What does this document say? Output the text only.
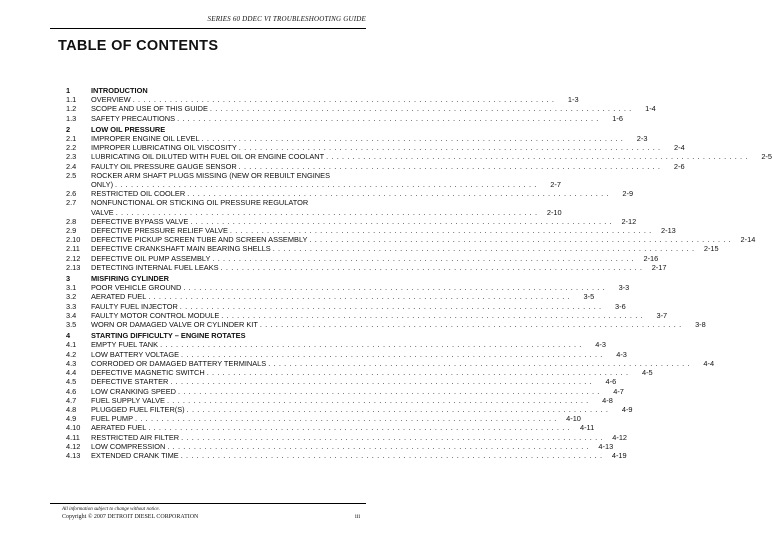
SERIES 60 DDEC VI TROUBLESHOOTING GUIDE
TABLE OF CONTENTS
1	INTRODUCTION
1.1	OVERVIEW . . . . . . . . . . . . . . . . . . . . . . . . . . . . . . . . . . . . . . . . . . . . . . . . . . . . . . . . . . . . . . . . . . . . . . . . . . . . . . . .	1-3
1.2	SCOPE AND USE OF THIS GUIDE . . . . . . . . . . . . . . . . . . . . . . . . . . . . . . . . . . . . . . . . . . . . . . . . . . . . . . . . . . . . . . . . . . . . . . . . . . . . . . . .	1-4
1.3	SAFETY PRECAUTIONS . . . . . . . . . . . . . . . . . . . . . . . . . . . . . . . . . . . . . . . . . . . . . . . . . . . . . . . . . . . . . . . . . . . . . . . . . . . . . . . .	1-6
2	LOW OIL PRESSURE
2.1	IMPROPER ENGINE OIL LEVEL . . . . . . . . . . . . . . . . . . . . . . . . . . . . . . . . . . . . . . . . . . . . . . . . . . . . . . . . . . . . . . . . . . . . . . . . . . . . . . . .	2-3
2.2	IMPROPER LUBRICATING OIL VISCOSITY . . . . . . . . . . . . . . . . . . . . . . . . . . . . . . . . . . . . . . . . . . . . . . . . . . . . . . . . . . . . . . . . . . . . . . . . . . . . . . . .	2-4
2.3	LUBRICATING OIL DILUTED WITH FUEL OIL OR ENGINE COOLANT . . . . . . . . . . . . . . . . . . . . . . . . . . . . . . . . . . . . . . . . . . . . . . . . . . . . . . . . . . . . . . . . . . . . . . . . . . . . . . . .	2-5
2.4	FAULTY OIL PRESSURE GAUGE SENSOR . . . . . . . . . . . . . . . . . . . . . . . . . . . . . . . . . . . . . . . . . . . . . . . . . . . . . . . . . . . . . . . . . . . . . . . . . . . . . . . .	2-6
2.5	ROCKER ARM SHAFT PLUGS MISSING (NEW OR REBUILT ENGINES
ONLY) . . . . . . . . . . . . . . . . . . . . . . . . . . . . . . . . . . . . . . . . . . . . . . . . . . . . . . . . . . . . . . . . . . . . . . . . . . . . . . . .	2-7
2.6	RESTRICTED OIL COOLER . . . . . . . . . . . . . . . . . . . . . . . . . . . . . . . . . . . . . . . . . . . . . . . . . . . . . . . . . . . . . . . . . . . . . . . . . . . . . . . .	2-9
2.7	NONFUNCTIONAL OR STICKING OIL PRESSURE REGULATOR
VALVE . . . . . . . . . . . . . . . . . . . . . . . . . . . . . . . . . . . . . . . . . . . . . . . . . . . . . . . . . . . . . . . . . . . . . . . . . . . . . . . .	2-10
2.8	DEFECTIVE BYPASS VALVE . . . . . . . . . . . . . . . . . . . . . . . . . . . . . . . . . . . . . . . . . . . . . . . . . . . . . . . . . . . . . . . . . . . . . . . . . . . . . . . .	2-12
2.9	DEFECTIVE PRESSURE RELIEF VALVE . . . . . . . . . . . . . . . . . . . . . . . . . . . . . . . . . . . . . . . . . . . . . . . . . . . . . . . . . . . . . . . . . . . . . . . . . . . . . . . .	2-13
2.10	DEFECTIVE PICKUP SCREEN TUBE AND SCREEN ASSEMBLY . . . . . . . . . . . . . . . . . . . . . . . . . . . . . . . . . . . . . . . . . . . . . . . . . . . . . . . . . . . . . . . . . . . . . . . . . . . . . . . .	2-14
2.11	DEFECTIVE CRANKSHAFT MAIN BEARING SHELLS . . . . . . . . . . . . . . . . . . . . . . . . . . . . . . . . . . . . . . . . . . . . . . . . . . . . . . . . . . . . . . . . . . . . . . . . . . . . . . . .	2-15
2.12	DEFECTIVE OIL PUMP ASSEMBLY . . . . . . . . . . . . . . . . . . . . . . . . . . . . . . . . . . . . . . . . . . . . . . . . . . . . . . . . . . . . . . . . . . . . . . . . . . . . . . . .	2-16
2.13	DETECTING INTERNAL FUEL LEAKS . . . . . . . . . . . . . . . . . . . . . . . . . . . . . . . . . . . . . . . . . . . . . . . . . . . . . . . . . . . . . . . . . . . . . . . . . . . . . . . .	2-17
3	MISFIRING CYLINDER
3.1	POOR VEHICLE GROUND . . . . . . . . . . . . . . . . . . . . . . . . . . . . . . . . . . . . . . . . . . . . . . . . . . . . . . . . . . . . . . . . . . . . . . . . . . . . . . . .	3-3
3.2	AERATED FUEL . . . . . . . . . . . . . . . . . . . . . . . . . . . . . . . . . . . . . . . . . . . . . . . . . . . . . . . . . . . . . . . . . . . . . . . . . . . . . . . .	3-5
3.3	FAULTY FUEL INJECTOR . . . . . . . . . . . . . . . . . . . . . . . . . . . . . . . . . . . . . . . . . . . . . . . . . . . . . . . . . . . . . . . . . . . . . . . . . . . . . . . .	3-6
3.4	FAULTY MOTOR CONTROL MODULE . . . . . . . . . . . . . . . . . . . . . . . . . . . . . . . . . . . . . . . . . . . . . . . . . . . . . . . . . . . . . . . . . . . . . . . . . . . . . . . .	3-7
3.5	WORN OR DAMAGED VALVE OR CYLINDER KIT . . . . . . . . . . . . . . . . . . . . . . . . . . . . . . . . . . . . . . . . . . . . . . . . . . . . . . . . . . . . . . . . . . . . . . . . . . . . . . . .	3-8
4	STARTING DIFFICULTY – ENGINE ROTATES
4.1	EMPTY FUEL TANK . . . . . . . . . . . . . . . . . . . . . . . . . . . . . . . . . . . . . . . . . . . . . . . . . . . . . . . . . . . . . . . . . . . . . . . . . . . . . . . .	4-3
4.2	LOW BATTERY VOLTAGE . . . . . . . . . . . . . . . . . . . . . . . . . . . . . . . . . . . . . . . . . . . . . . . . . . . . . . . . . . . . . . . . . . . . . . . . . . . . . . . .	4-3
4.3	CORRODED OR DAMAGED BATTERY TERMINALS . . . . . . . . . . . . . . . . . . . . . . . . . . . . . . . . . . . . . . . . . . . . . . . . . . . . . . . . . . . . . . . . . . . . . . . . . . . . . . . .	4-4
4.4	DEFECTIVE MAGNETIC SWITCH . . . . . . . . . . . . . . . . . . . . . . . . . . . . . . . . . . . . . . . . . . . . . . . . . . . . . . . . . . . . . . . . . . . . . . . . . . . . . . . .	4-5
4.5	DEFECTIVE STARTER . . . . . . . . . . . . . . . . . . . . . . . . . . . . . . . . . . . . . . . . . . . . . . . . . . . . . . . . . . . . . . . . . . . . . . . . . . . . . . . .	4-6
4.6	LOW CRANKING SPEED . . . . . . . . . . . . . . . . . . . . . . . . . . . . . . . . . . . . . . . . . . . . . . . . . . . . . . . . . . . . . . . . . . . . . . . . . . . . . . . .	4-7
4.7	FUEL SUPPLY VALVE . . . . . . . . . . . . . . . . . . . . . . . . . . . . . . . . . . . . . . . . . . . . . . . . . . . . . . . . . . . . . . . . . . . . . . . . . . . . . . . .	4-8
4.8	PLUGGED FUEL FILTER(S) . . . . . . . . . . . . . . . . . . . . . . . . . . . . . . . . . . . . . . . . . . . . . . . . . . . . . . . . . . . . . . . . . . . . . . . . . . . . . . . .	4-9
4.9	FUEL PUMP . . . . . . . . . . . . . . . . . . . . . . . . . . . . . . . . . . . . . . . . . . . . . . . . . . . . . . . . . . . . . . . . . . . . . . . . . . . . . . . .	4-10
4.10	AERATED FUEL . . . . . . . . . . . . . . . . . . . . . . . . . . . . . . . . . . . . . . . . . . . . . . . . . . . . . . . . . . . . . . . . . . . . . . . . . . . . . . . .	4-11
4.11	RESTRICTED AIR FILTER . . . . . . . . . . . . . . . . . . . . . . . . . . . . . . . . . . . . . . . . . . . . . . . . . . . . . . . . . . . . . . . . . . . . . . . . . . . . . . . .	4-12
4.12	LOW COMPRESSION . . . . . . . . . . . . . . . . . . . . . . . . . . . . . . . . . . . . . . . . . . . . . . . . . . . . . . . . . . . . . . . . . . . . . . . . . . . . . . . .	4-13
4.13	EXTENDED CRANK TIME . . . . . . . . . . . . . . . . . . . . . . . . . . . . . . . . . . . . . . . . . . . . . . . . . . . . . . . . . . . . . . . . . . . . . . . . . . . . . . . .	4-19
All information subject to change without notice.
Copyright © 2007 DETROIT DIESEL CORPORATION	iii
